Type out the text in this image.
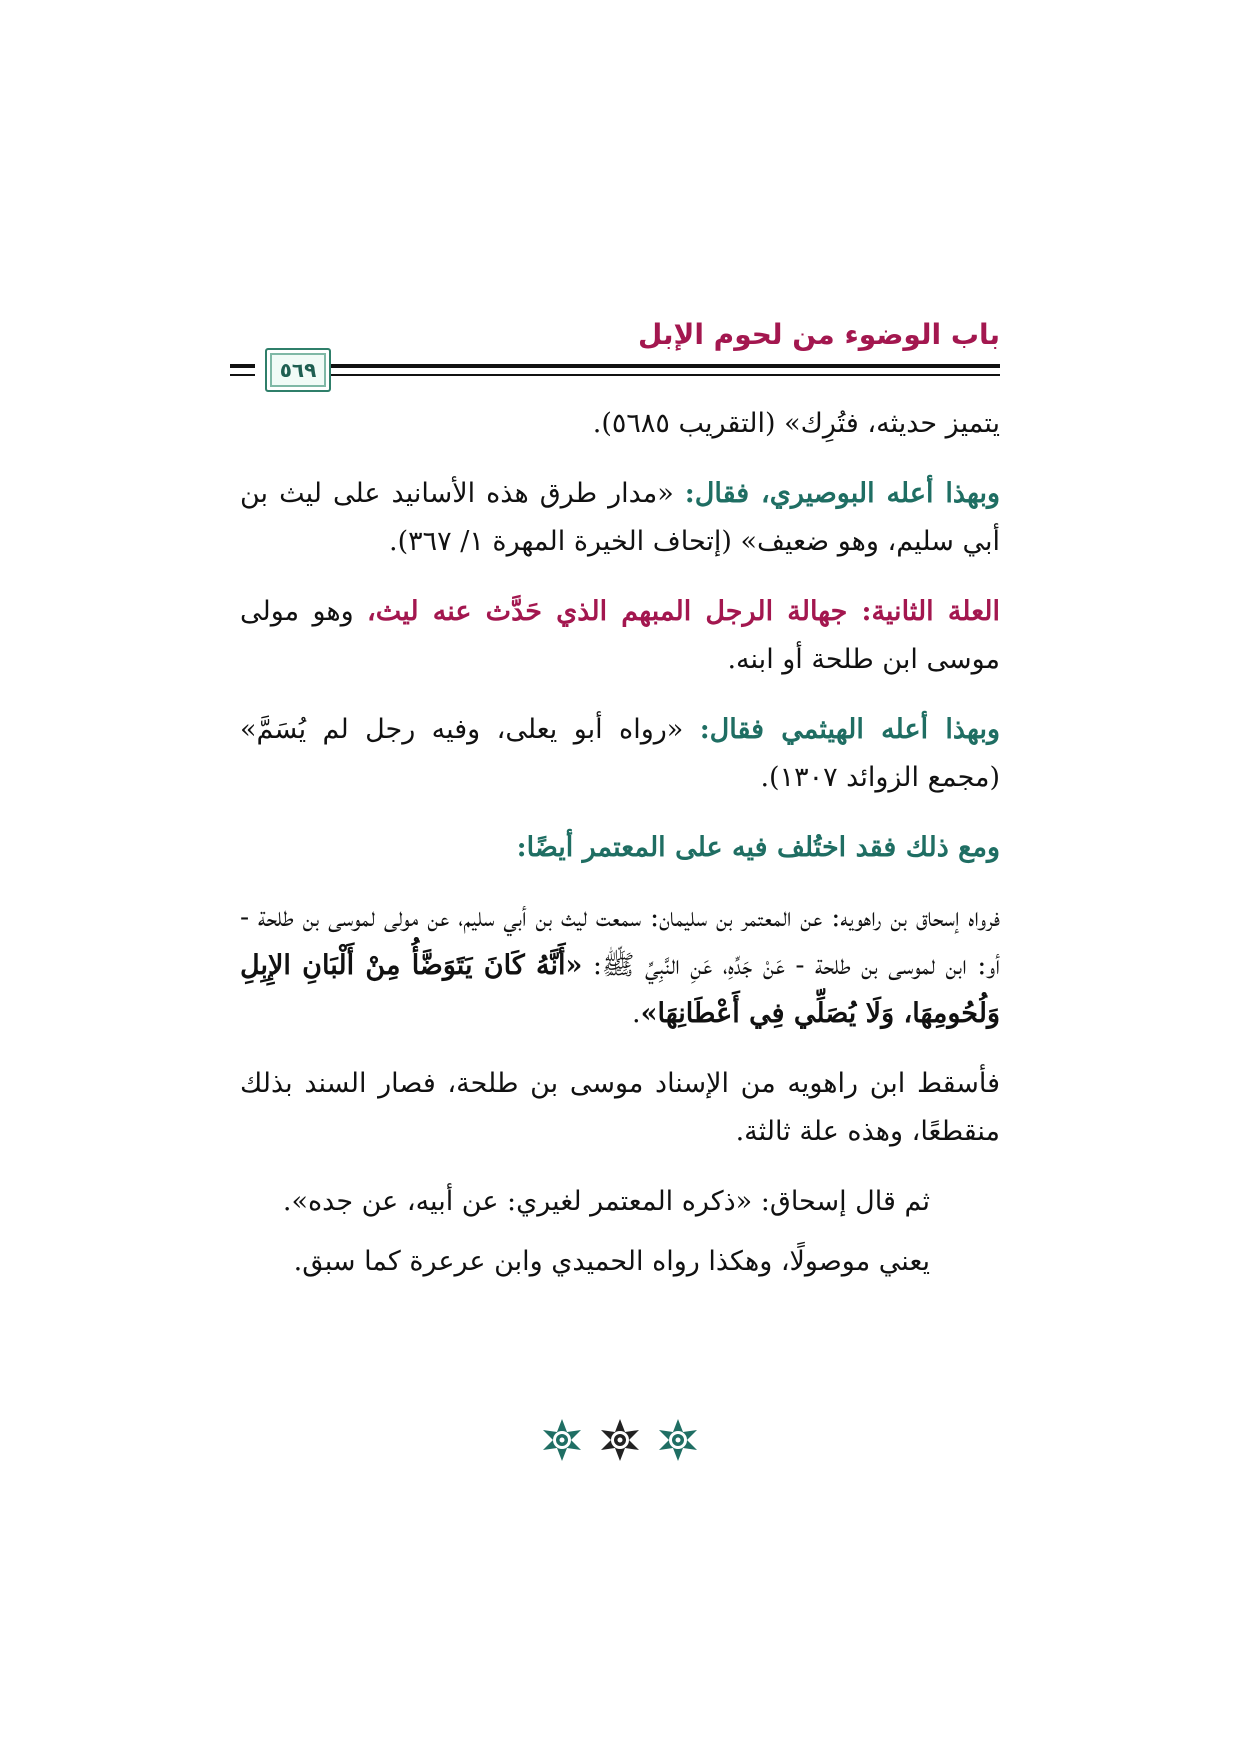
باب الوضوء من لحوم الإبل
٥٦٩

يتميز حديثه، فتُرِك» (التقريب ٥٦٨٥).

وبهذا أعله البوصيري، فقال: «مدار طرق هذه الأسانيد على ليث بن أبي سليم، وهو ضعيف» (إتحاف الخيرة المهرة ١/ ٣٦٧).

العلة الثانية: جهالة الرجل المبهم الذي حَدَّث عنه ليث، وهو مولى موسى ابن طلحة أو ابنه.

وبهذا أعله الهيثمي فقال: «رواه أبو يعلى، وفيه رجل لم يُسَمَّ» (مجمع الزوائد ١٣٠٧).

ومع ذلك فقد اختُلف فيه على المعتمر أيضًا:

فرواه إسحاق بن راهويه: عن المعتمر بن سليمان: سمعت ليث بن أبي سليم، عن مولى لموسى بن طلحة - أو: ابن لموسى بن طلحة - عَنْ جَدِّهِ، عَنِ النَّبِيِّ ﷺ: «أَنَّهُ كَانَ يَتَوَضَّأُ مِنْ أَلْبَانِ الإِبِلِ وَلُحُومِهَا، وَلَا يُصَلِّي فِي أَعْطَانِهَا».

فأسقط ابن راهويه من الإسناد موسى بن طلحة، فصار السند بذلك منقطعًا، وهذه علة ثالثة.

ثم قال إسحاق: «ذكره المعتمر لغيري: عن أبيه، عن جده».

يعني موصولًا، وهكذا رواه الحميدي وابن عرعرة كما سبق.
